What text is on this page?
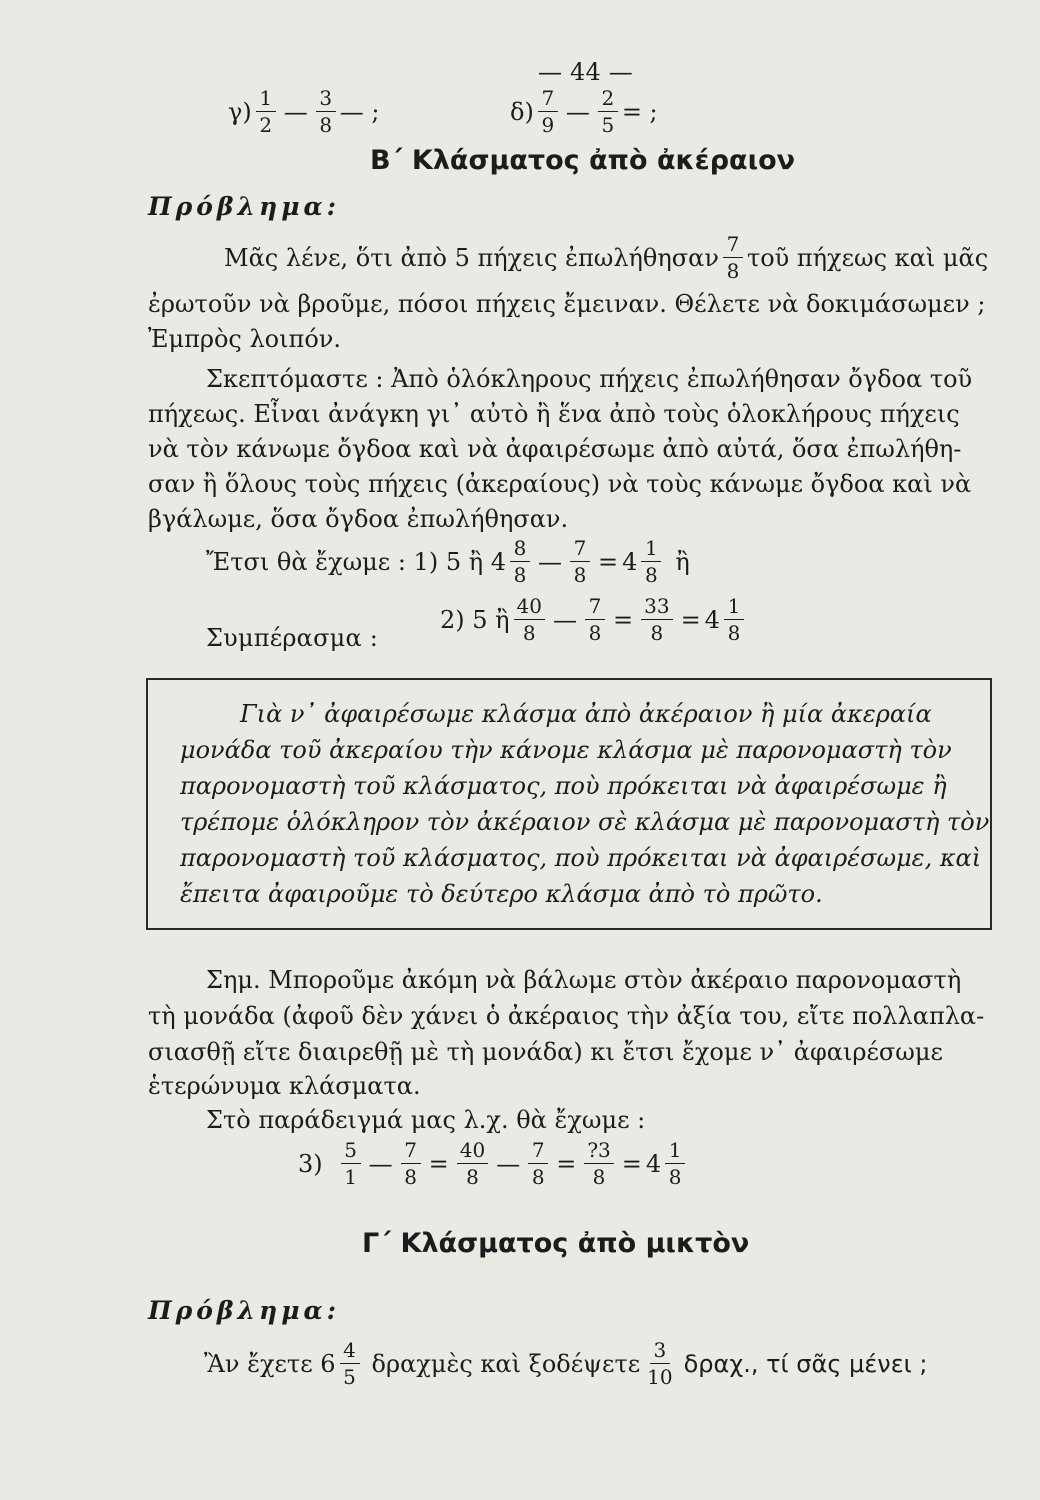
— 44 —
$\gamma) \frac{1}{2}$ — $\frac{3}{8}$ — ;	$\delta) \frac{7}{9}$ — $\frac{2}{5}$ = ;
Β΄ Κλάσματος ἀπὸ ἀκέραιον
Πρόβλημα:
Μᾶς λένε, ὅτι ἀπὸ 5 πήχεις ἐπωλήθησαν $\frac{7}{8}$ τοῦ πήχεως καὶ μᾶς
ἐρωτοῦν νὰ βροῦμε, πόσοι πήχεις ἔμειναν. Θέλετε νὰ δοκιμάσωμεν ;
Ἐμπρὸς λοιπόν.
Σκεπτόμαστε : Ἀπὸ ὁλόκληρους πήχεις ἐπωλήθησαν ὄγδοα τοῦ
πήχεως. Εἶναι ἀνάγκη γι᾿ αὐτὸ ἢ ἕνα ἀπὸ τοὺς ὁλοκλήρους πήχεις
νὰ τὸν κάνωμε ὄγδοα καὶ νὰ ἀφαιρέσωμε ἀπὸ αὐτά, ὅσα ἐπωλήθη-
σαν ἢ ὅλους τοὺς πήχεις (ἀκεραίους) νὰ τοὺς κάνωμε ὄγδοα καὶ νὰ
βγάλωμε, ὅσα ὄγδοα ἐπωλήθησαν.
Ἔτσι θὰ ἔχωμε : 1) 5 ἢ $4 \frac{8}{8}$ — $\frac{7}{8} = 4 \frac{1}{8}$ ἢ
Συμπέρασμα :
2) 5 ἢ $\frac{40}{8}$ — $\frac{7}{8} = \frac{33}{8} = 4 \frac{1}{8}$
Γιὰ ν᾿ ἀφαιρέσωμε κλάσμα ἀπὸ ἀκέραιον ἢ μία ἀκεραία
μονάδα τοῦ ἀκεραίου τὴν κάνομε κλάσμα μὲ παρονομαστὴ τὸν
παρονομαστὴ τοῦ κλάσματος, ποὺ πρόκειται νὰ ἀφαιρέσωμε ἢ
τρέπομε ὁλόκληρον τὸν ἀκέραιον σὲ κλάσμα μὲ παρονομαστὴ τὸν
παρονομαστὴ τοῦ κλάσματος, ποὺ πρόκειται νὰ ἀφαιρέσωμε, καὶ
ἔπειτα ἀφαιροῦμε τὸ δεύτερο κλάσμα ἀπὸ τὸ πρῶτο.
Σημ. Μποροῦμε ἀκόμη νὰ βάλωμε στὸν ἀκέραιο παρονομαστὴ
τὴ μονάδα (ἀφοῦ δὲν χάνει ὁ ἀκέραιος τὴν ἀξία του, εἴτε πολλαπλα-
σιασθῇ εἴτε διαιρεθῇ μὲ τὴ μονάδα) κι ἔτσι ἔχομε ν᾿ ἀφαιρέσωμε
ἑτερώνυμα κλάσματα.
Στὸ παράδειγμά μας λ.χ. θὰ ἔχωμε :
$3) \frac{5}{1}$ — $\frac{7}{8} = \frac{40}{8}$ — $\frac{7}{8} = \frac{?3}{8} = 4 \frac{1}{8}$
Γ΄ Κλάσματος ἀπὸ μικτὸν
Πρόβλημα:
Ἂν ἔχετε $6 \frac{4}{5}$ δραχμὲς καὶ ξοδέψετε $\frac{3}{10} \delta\rho\alpha\chi$., τί σᾶς μένει ;
